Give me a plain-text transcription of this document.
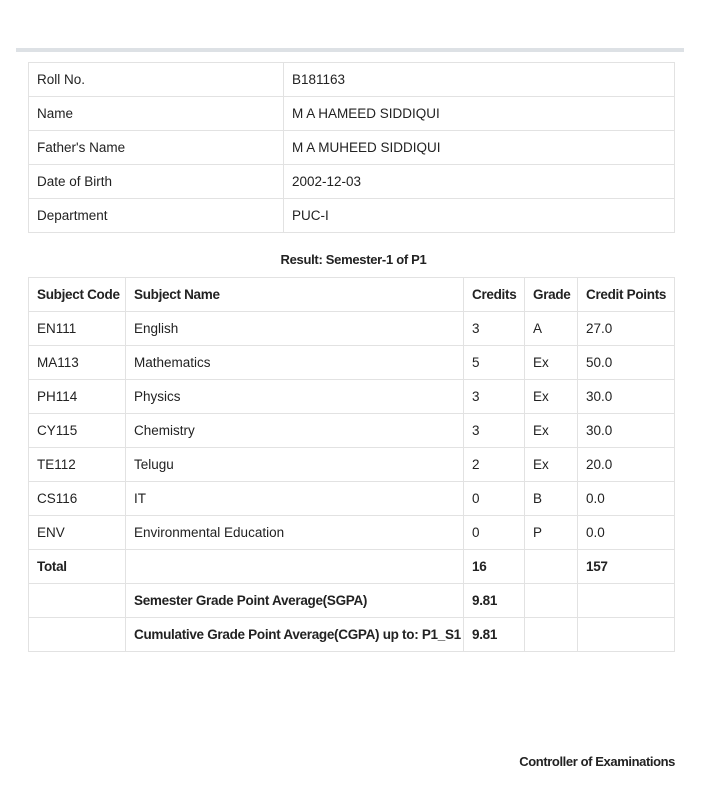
Roll No.	B181163
Name	M A HAMEED SIDDIQUI
Father's Name	M A MUHEED SIDDIQUI
Date of Birth	2002-12-03
Department	PUC-I
Result: Semester-1 of P1
Subject Code	Subject Name	Credits	Grade	Credit Points
EN111	English	3	A	27.0
MA113	Mathematics	5	Ex	50.0
PH114	Physics	3	Ex	30.0
CY115	Chemistry	3	Ex	30.0
TE112	Telugu	2	Ex	20.0
CS116	IT	0	B	0.0
ENV	Environmental Education	0	P	0.0
Total		16		157
	Semester Grade Point Average(SGPA)	9.81		
	Cumulative Grade Point Average(CGPA) up to: P1_S1	9.81		
Controller of Examinations
